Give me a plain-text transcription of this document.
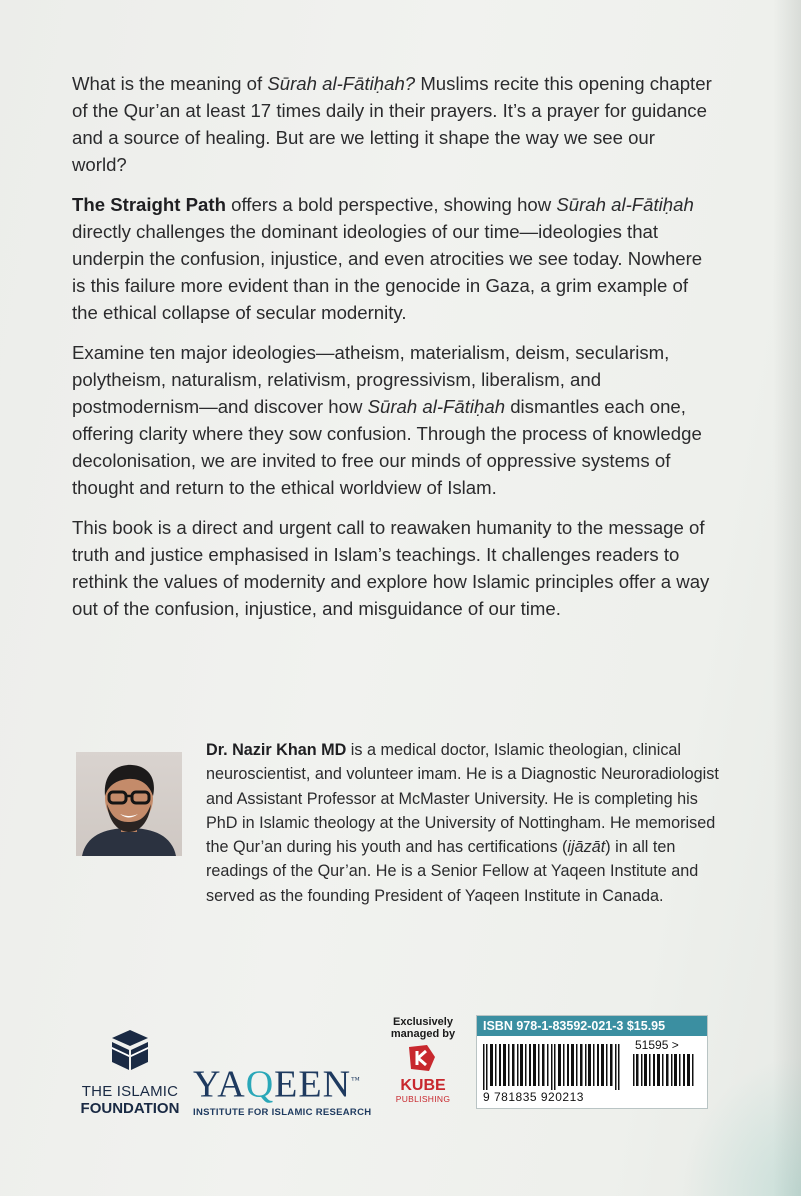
What is the meaning of Sūrah al-Fātiḥah? Muslims recite this opening chapter of the Qur’an at least 17 times daily in their prayers. It’s a prayer for guidance and a source of healing. But are we letting it shape the way we see our world?

The Straight Path offers a bold perspective, showing how Sūrah al-Fātiḥah directly challenges the dominant ideologies of our time—ideologies that underpin the confusion, injustice, and even atrocities we see today. Nowhere is this failure more evident than in the genocide in Gaza, a grim example of the ethical collapse of secular modernity.

Examine ten major ideologies—atheism, materialism, deism, secularism, polytheism, naturalism, relativism, progressivism, liberalism, and postmodernism—and discover how Sūrah al-Fātiḥah dismantles each one, offering clarity where they sow confusion. Through the process of knowledge decolonisation, we are invited to free our minds of oppressive systems of thought and return to the ethical worldview of Islam.

This book is a direct and urgent call to reawaken humanity to the message of truth and justice emphasised in Islam’s teachings. It challenges readers to rethink the values of modernity and explore how Islamic principles offer a way out of the confusion, injustice, and misguidance of our time.

Dr. Nazir Khan MD is a medical doctor, Islamic theologian, clinical neuroscientist, and volunteer imam. He is a Diagnostic Neuroradiologist and Assistant Professor at McMaster University. He is completing his PhD in Islamic theology at the University of Nottingham. He memorised the Qur’an during his youth and has certifications (ijāzāt) in all ten readings of the Qur’an. He is a Senior Fellow at Yaqeen Institute and served as the founding President of Yaqeen Institute in Canada.
THE ISLAMIC
FOUNDATION
YAQEEN™
INSTITUTE FOR ISLAMIC RESEARCH
Exclusively
managed by
KUBE
PUBLISHING
ISBN 978-1-83592-021-3 $15.95
9 781835 920213
51595 >
